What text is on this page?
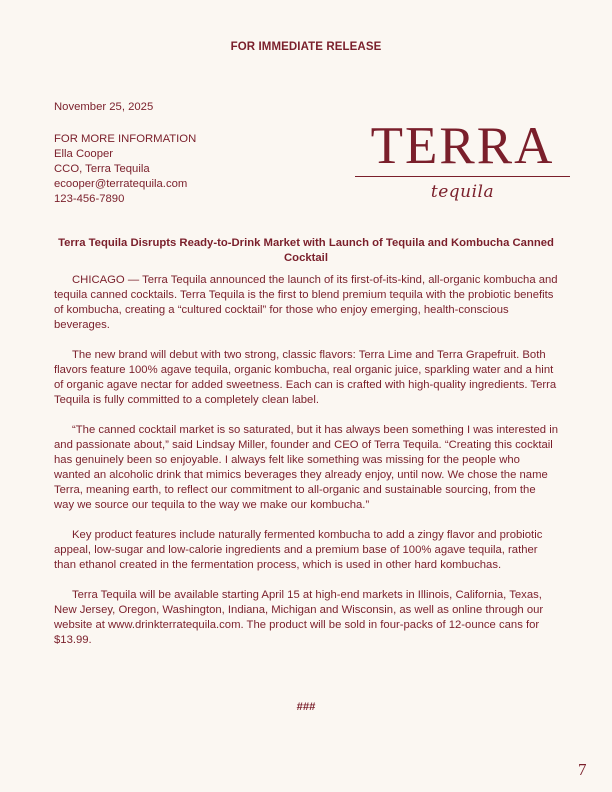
FOR IMMEDIATE RELEASE
November 25, 2025
FOR MORE INFORMATION
Ella Cooper
CCO, Terra Tequila
ecooper@terratequila.com
123-456-7890
TERRA
tequila
Terra Tequila Disrupts Ready-to-Drink Market with Launch of Tequila and Kombucha Canned Cocktail

CHICAGO — Terra Tequila announced the launch of its first-of-its-kind, all-organic kombucha and tequila canned cocktails. Terra Tequila is the first to blend premium tequila with the probiotic benefits of kombucha, creating a “cultured cocktail” for those who enjoy emerging, health-conscious beverages.

The new brand will debut with two strong, classic flavors: Terra Lime and Terra Grapefruit. Both flavors feature 100% agave tequila, organic kombucha, real organic juice, sparkling water and a hint of organic agave nectar for added sweetness. Each can is crafted with high-quality ingredients. Terra Tequila is fully committed to a completely clean label.

“The canned cocktail market is so saturated, but it has always been something I was interested in and passionate about,” said Lindsay Miller, founder and CEO of Terra Tequila. “Creating this cocktail has genuinely been so enjoyable. I always felt like something was missing for the people who wanted an alcoholic drink that mimics beverages they already enjoy, until now. We chose the name Terra, meaning earth, to reflect our commitment to all-organic and sustainable sourcing, from the way we source our tequila to the way we make our kombucha.”

Key product features include naturally fermented kombucha to add a zingy flavor and probiotic appeal, low-sugar and low-calorie ingredients and a premium base of 100% agave tequila, rather than ethanol created in the fermentation process, which is used in other hard kombuchas.

Terra Tequila will be available starting April 15 at high-end markets in Illinois, California, Texas, New Jersey, Oregon, Washington, Indiana, Michigan and Wisconsin, as well as online through our website at www.drinkterratequila.com. The product will be sold in four-packs of 12-ounce cans for $13.99.

###
7
